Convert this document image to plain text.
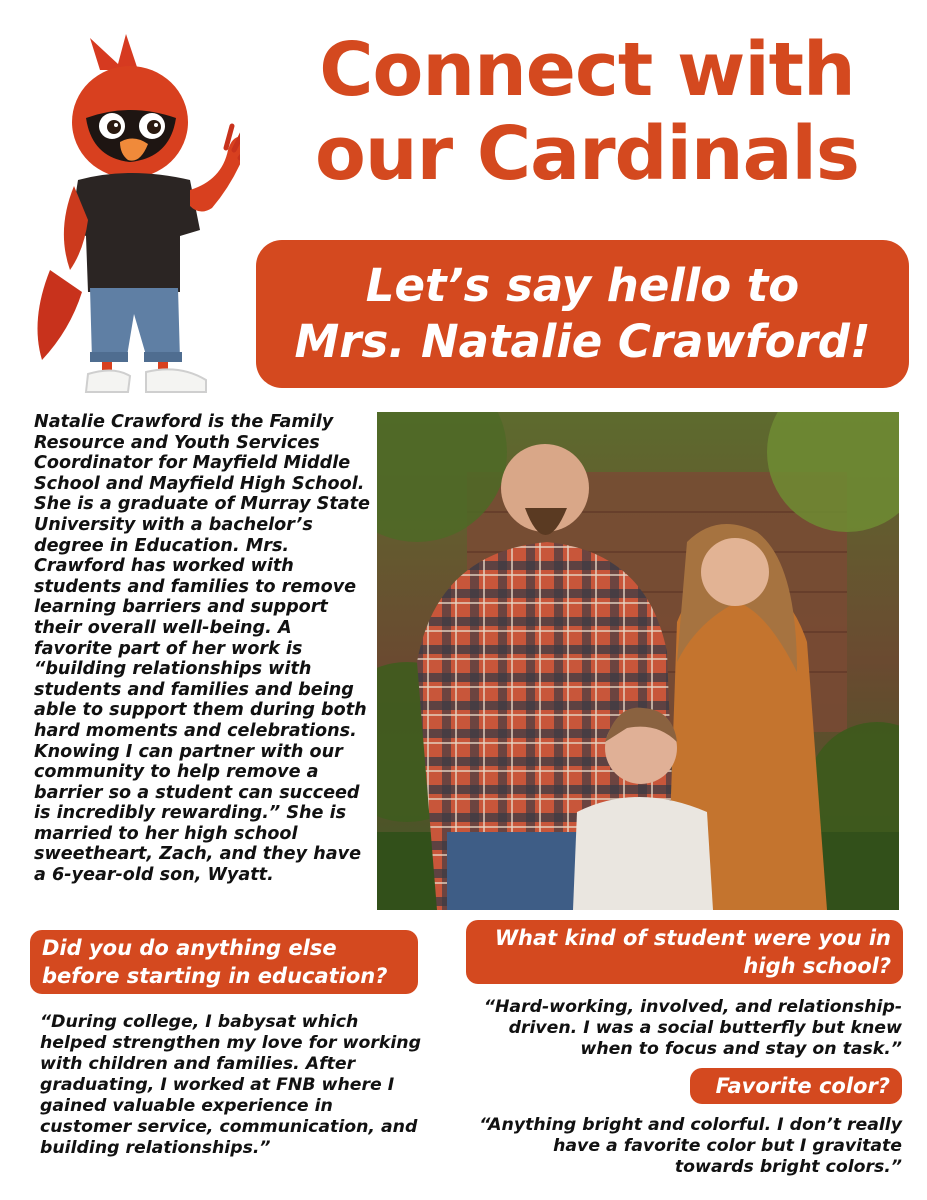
Connect with
our Cardinals
Let’s say hello to
Mrs. Natalie Crawford!
Natalie Crawford is the Family Resource and Youth Services Coordinator for Mayfield Middle School and Mayfield High School. She is a graduate of Murray State University with a bachelor’s degree in Education. Mrs. Crawford has worked with students and families to remove learning barriers and support their overall well-being. A favorite part of her work is “building relationships with students and families and being able to support them during both hard moments and celebrations. Knowing I can partner with our community to help remove a barrier so a student can succeed is incredibly rewarding.” She is married to her high school sweetheart, Zach, and they have a 6-year-old son, Wyatt.
Did you do anything else before starting in education?
“During college, I babysat which helped strengthen my love for working with children and families. After graduating, I worked at FNB where I gained valuable experience in customer service, communication, and building relationships.”
What kind of student were you in high school?
“Hard-working, involved, and relationship-driven. I was a social butterfly but knew when to focus and stay on task.”
Favorite color?
“Anything bright and colorful. I don’t really have a favorite color but I gravitate towards bright colors.”
